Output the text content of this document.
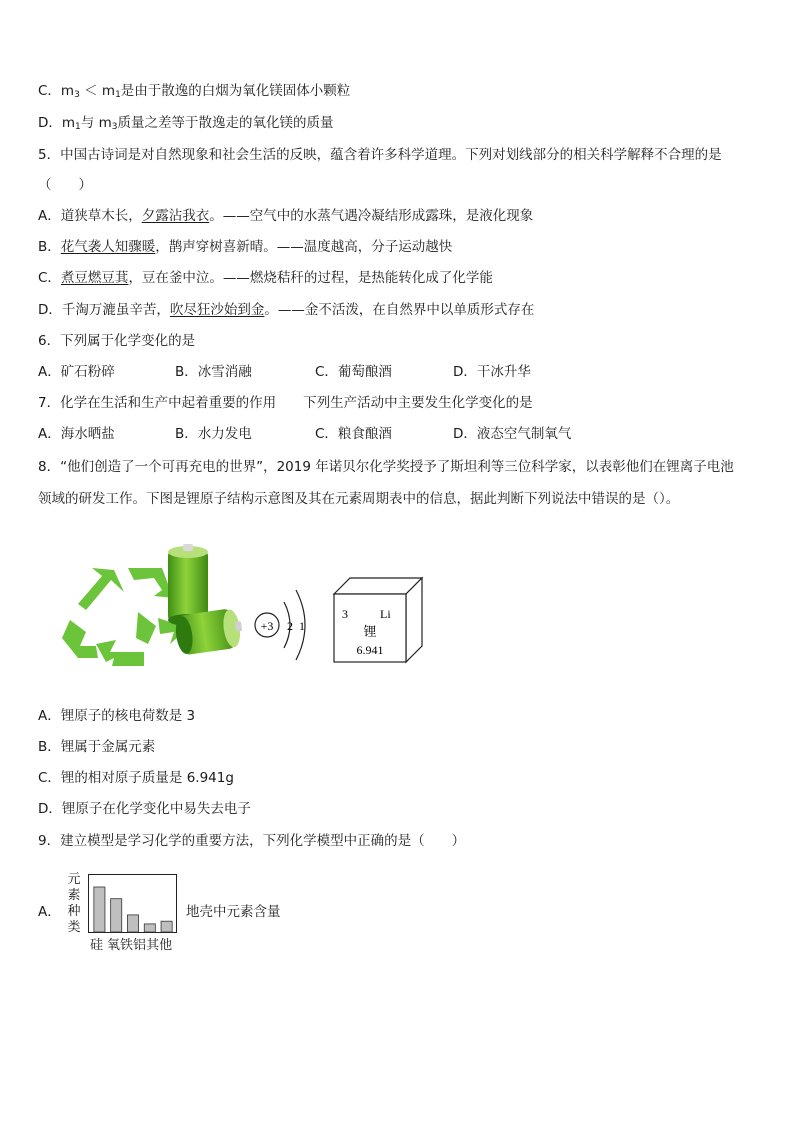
C．$m_3 < m_1$是由于散逸的白烟为氧化镁固体小颗粒
D．$m_1$与 $m_3$质量之差等于散逸走的氧化镁的质量
5．中国古诗词是对自然现象和社会生活的反映，蕴含着许多科学道理。下列对划线部分的相关科学解释不合理的是
（　　）
A．道狭草木长，夕露沾我衣。——空气中的水蒸气遇冷凝结形成露珠，是液化现象
B．花气袭人知骤暖，鹊声穿树喜新晴。——温度越高，分子运动越快
C．煮豆燃豆萁，豆在釜中泣。——燃烧秸秆的过程，是热能转化成了化学能
D．千淘万漉虽辛苦，吹尽狂沙始到金。——金不活泼，在自然界中以单质形式存在
6．下列属于化学变化的是
A．矿石粉碎	B．冰雪消融	C．葡萄酿酒	D．干冰升华
7．化学在生活和生产中起着重要的作用　　下列生产活动中主要发生化学变化的是
A．海水晒盐	B．水力发电	C．粮食酿酒	D．液态空气制氧气
8．“他们创造了一个可再充电的世界”，2019 年诺贝尔化学奖授予了斯坦利等三位科学家，以表彰他们在锂离子电池
领域的研发工作。下图是锂原子结构示意图及其在元素周期表中的信息，据此判断下列说法中错误的是（）。
+3 2 1
3	Li
锂
6.941
A．锂原子的核电荷数是 3
B．锂属于金属元素
C．锂的相对原子质量是 6.941g
D．锂原子在化学变化中易失去电子
9．建立模型是学习化学的重要方法，下列化学模型中正确的是（　　）
A．
元
素
种
类
硅 氧铁铝其他
地壳中元素含量
